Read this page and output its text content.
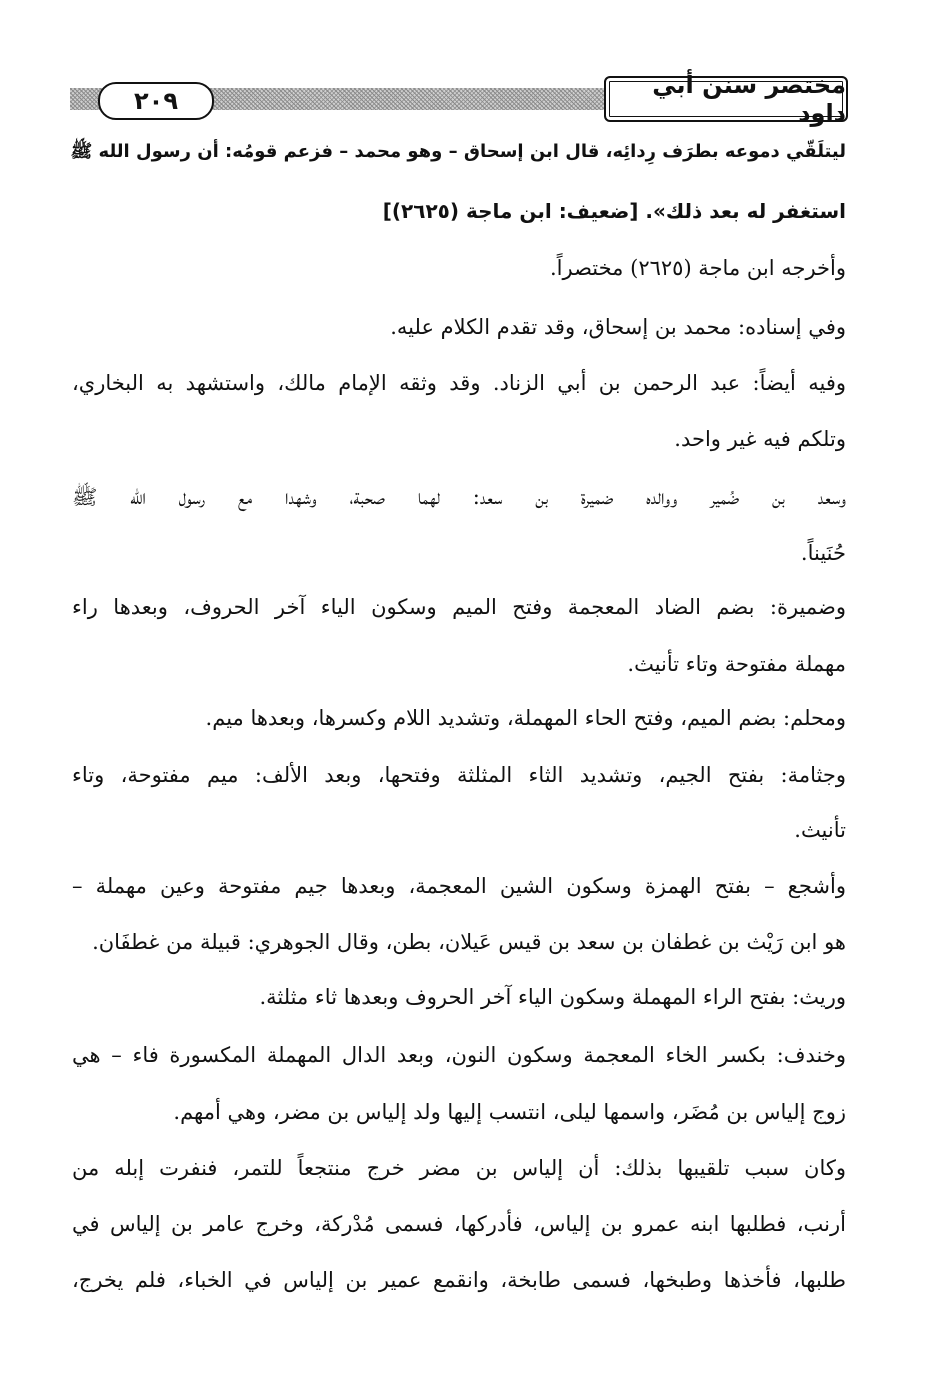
٢٠٩
مختصر سنن أبي داود
ليتلَقّي دموعه بطرَف رِدائِه، قال ابن إسحاق – وهو محمد – فزعم قومُه: أن رسول الله ﷺ
استغفر له بعد ذلك». [ضعيف: ابن ماجة (٢٦٢٥)]
وأخرجه ابن ماجة (٢٦٢٥) مختصراً.
وفي إسناده: محمد بن إسحاق، وقد تقدم الكلام عليه.
وفيه أيضاً: عبد الرحمن بن أبي الزناد. وقد وثقه الإمام مالك، واستشهد به البخاري،
وتلكم فيه غير واحد.
وسعد بن ضُمير ووالده ضميرة بن سعد: لهما صحبة، وشهدا مع رسول الله ﷺ
حُنَيناً.
وضميرة: بضم الضاد المعجمة وفتح الميم وسكون الياء آخر الحروف، وبعدها راء
مهملة مفتوحة وتاء تأنيث.
ومحلم: بضم الميم، وفتح الحاء المهملة، وتشديد اللام وكسرها، وبعدها ميم.
وجثامة: بفتح الجيم، وتشديد الثاء المثلثة وفتحها، وبعد الألف: ميم مفتوحة، وتاء
تأنيث.
وأشجع – بفتح الهمزة وسكون الشين المعجمة، وبعدها جيم مفتوحة وعين مهملة –
هو ابن رَيْث بن غطفان بن سعد بن قيس عَيلان، بطن، وقال الجوهري: قبيلة من غطفَان.
وريث: بفتح الراء المهملة وسكون الياء آخر الحروف وبعدها ثاء مثلثة.
وخندف: بكسر الخاء المعجمة وسكون النون، وبعد الدال المهملة المكسورة فاء – هي
زوج إلياس بن مُضَر، واسمها ليلى، انتسب إليها ولد إلياس بن مضر، وهي أمهم.
وكان سبب تلقيبها بذلك: أن إلياس بن مضر خرج منتجعاً للتمر، فنفرت إبله من
أرنب، فطلبها ابنه عمرو بن إلياس، فأدركها، فسمى مُدْركة، وخرج عامر بن إلياس في
طلبها، فأخذها وطبخها، فسمى طابخة، وانقمع عمير بن إلياس في الخباء، فلم يخرج،
